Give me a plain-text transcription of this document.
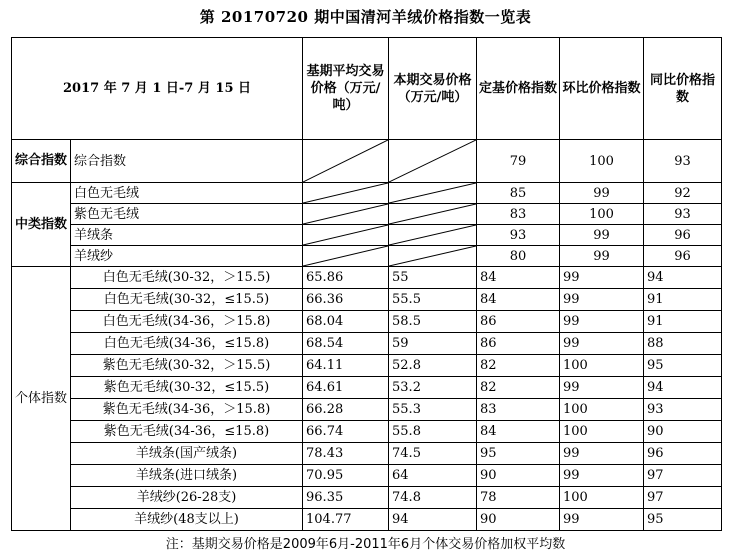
第 20170720 期中国清河羊绒价格指数一览表
2017 年 7 月 1 日-7 月 15 日		基期平均交易价格（万元/吨）	本期交易价格（万元/吨）	定基价格指数	环比价格指数	同比价格指数
综合指数	综合指数			79	100	93
中类指数	白色无毛绒			85	99	92
	紫色无毛绒			83	100	93
	羊绒条			93	99	96
	羊绒纱			80	99	96
个体指数	白色无毛绒(30-32，＞15.5)	65.86	55	84	99	94
	白色无毛绒(30-32，≤15.5)	66.36	55.5	84	99	91
	白色无毛绒(34-36，＞15.8)	68.04	58.5	86	99	91
	白色无毛绒(34-36，≤15.8)	68.54	59	86	99	88
	紫色无毛绒(30-32，＞15.5)	64.11	52.8	82	100	95
	紫色无毛绒(30-32，≤15.5)	64.61	53.2	82	99	94
	紫色无毛绒(34-36，＞15.8)	66.28	55.3	83	100	93
	紫色无毛绒(34-36，≤15.8)	66.74	55.8	84	100	90
	羊绒条(国产绒条)	78.43	74.5	95	99	96
	羊绒条(进口绒条)	70.95	64	90	99	97
	羊绒纱(26-28支)	96.35	74.8	78	100	97
	羊绒纱(48支以上)	104.77	94	90	99	95
注：基期交易价格是2009年6月-2011年6月个体交易价格加权平均数
